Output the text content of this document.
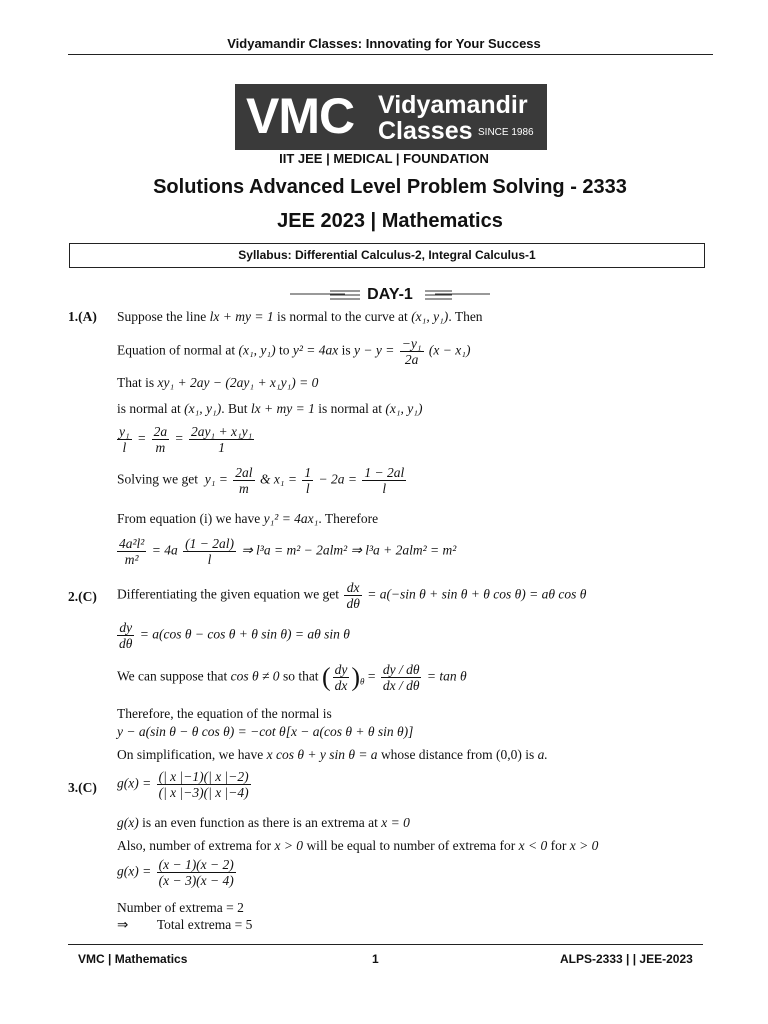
Vidyamandir Classes: Innovating for Your Success
VMC Vidyamandir
Classes SINCE 1986
IIT JEE | MEDICAL | FOUNDATION
Solutions Advanced Level Problem Solving - 2333
JEE 2023 | Mathematics
Syllabus: Differential Calculus-2, Integral Calculus-1
DAY-1
1.(A) Suppose the line lx + my = 1 is normal to the curve at (x₁, y₁). Then
Equation of normal at (x₁, y₁) to y² = 4ax is $y - y = \frac{\text{−y₁}}{2a} (x - x_1)$
That is xy₁ + 2ay − (2ay₁ + x₁y₁) = 0
is normal at (x₁, y₁). But lx + my = 1 is normal at (x₁, y₁)
$\frac{\text{y₁}}{l} = \frac{2a}{m} = \frac{\text{2ay₁ + x₁y₁}}{1}$
Solving we get $y_1 = \frac{2al}{m}$ & $x_1 = \frac{1}{l} - 2a = \frac{1 - 2al}{l}$
From equation (i) we have y₁² = 4ax₁. Therefore
$\frac{\text{4a²l²}}{\text{m²}} = 4a \frac{(1 - 2al)}{l}$ ⇒ l³a = m² − 2alm² ⇒ l³a + 2alm² = m²
2.(C) Differentiating the given equation we get $\frac{dx}{d\theta} = a(-\sin$ θ + sin θ + θ cos θ) = aθ cos θ
$\frac{dy}{d\theta} = a(\cos$ θ − cos θ + θ sin θ) = aθ sin θ
We can suppose that cos θ ≠ 0 so that ( $\frac{dy}{dx} )_\theta = \frac{dy / d\theta}{dx / d\theta} = \tan \theta$
Therefore, the equation of the normal is
y − a(sin θ − θ cos θ) = −cot θ[x − a(cos θ + θ sin θ)]
On simplification, we have x cos θ + y sin θ = a whose distance from (0,0) is a.
3.(C) $g(x) = \frac{(| x |-1)(| x |-2)}{(| x |-3)(| x |-4)}$
g(x) is an even function as there is an extrema at x = 0
Also, number of extrema for x > 0 will be equal to number of extrema for x < 0 for x > 0
$g(x) = \frac{(x - 1)(x - 2)}{(x - 3)(x - 4)}$
Number of extrema = 2
⇒ Total extrema = 5
VMC | Mathematics	1	ALPS-2333 | | JEE-2023
